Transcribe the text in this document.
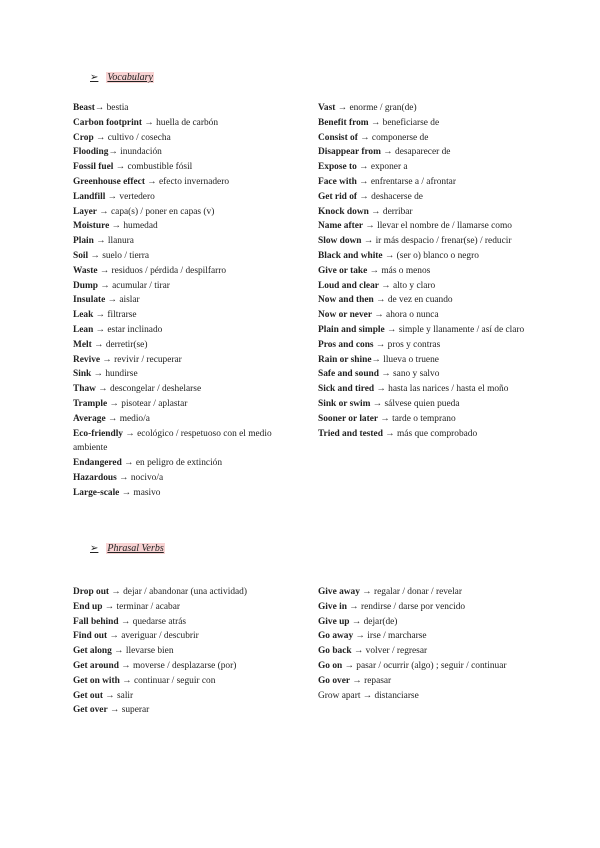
➢ Vocabulary

Beast→ bestia

Carbon footprint → huella de carbón

Crop → cultivo / cosecha

Flooding→ inundación

Fossil fuel → combustible fósil

Greenhouse effect → efecto invernadero

Landfill → vertedero

Layer → capa(s) / poner en capas (v)

Moisture → humedad

Plain → llanura

Soil → suelo / tierra

Waste → residuos / pérdida / despilfarro

Dump → acumular / tirar

Insulate → aislar

Leak → filtrarse

Lean → estar inclinado

Melt → derretir(se)

Revive → revivir / recuperar

Sink → hundirse

Thaw → descongelar / deshelarse

Trample → pisotear / aplastar

Average → medio/a

Eco-friendly → ecológico / respetuoso con el medio ambiente

Endangered → en peligro de extinción

Hazardous → nocivo/a

Large-scale → masivo

Vast → enorme / gran(de)

Benefit from → beneficiarse de

Consist of → componerse de

Disappear from → desaparecer de

Expose to → exponer a

Face with → enfrentarse a / afrontar

Get rid of → deshacerse de

Knock down → derribar

Name after → llevar el nombre de / llamarse como

Slow down → ir más despacio / frenar(se) / reducir

Black and white → (ser o) blanco o negro

Give or take → más o menos

Loud and clear → alto y claro

Now and then → de vez en cuando

Now or never → ahora o nunca

Plain and simple → simple y llanamente / así de claro

Pros and cons → pros y contras

Rain or shine→ llueva o truene

Safe and sound → sano y salvo

Sick and tired → hasta las narices / hasta el moño

Sink or swim → sálvese quien pueda

Sooner or later → tarde o temprano

Tried and tested → más que comprobado

➢ Phrasal Verbs

Drop out → dejar / abandonar (una actividad)

End up → terminar / acabar

Fall behind → quedarse atrás

Find out → averiguar / descubrir

Get along → llevarse bien

Get around → moverse / desplazarse (por)

Get on with → continuar / seguir con

Get out → salir

Get over → superar

Give away → regalar / donar / revelar

Give in → rendirse / darse por vencido

Give up → dejar(de)

Go away → irse / marcharse

Go back → volver / regresar

Go on → pasar / ocurrir (algo) ; seguir / continuar

Go over → repasar

Grow apart → distanciarse
